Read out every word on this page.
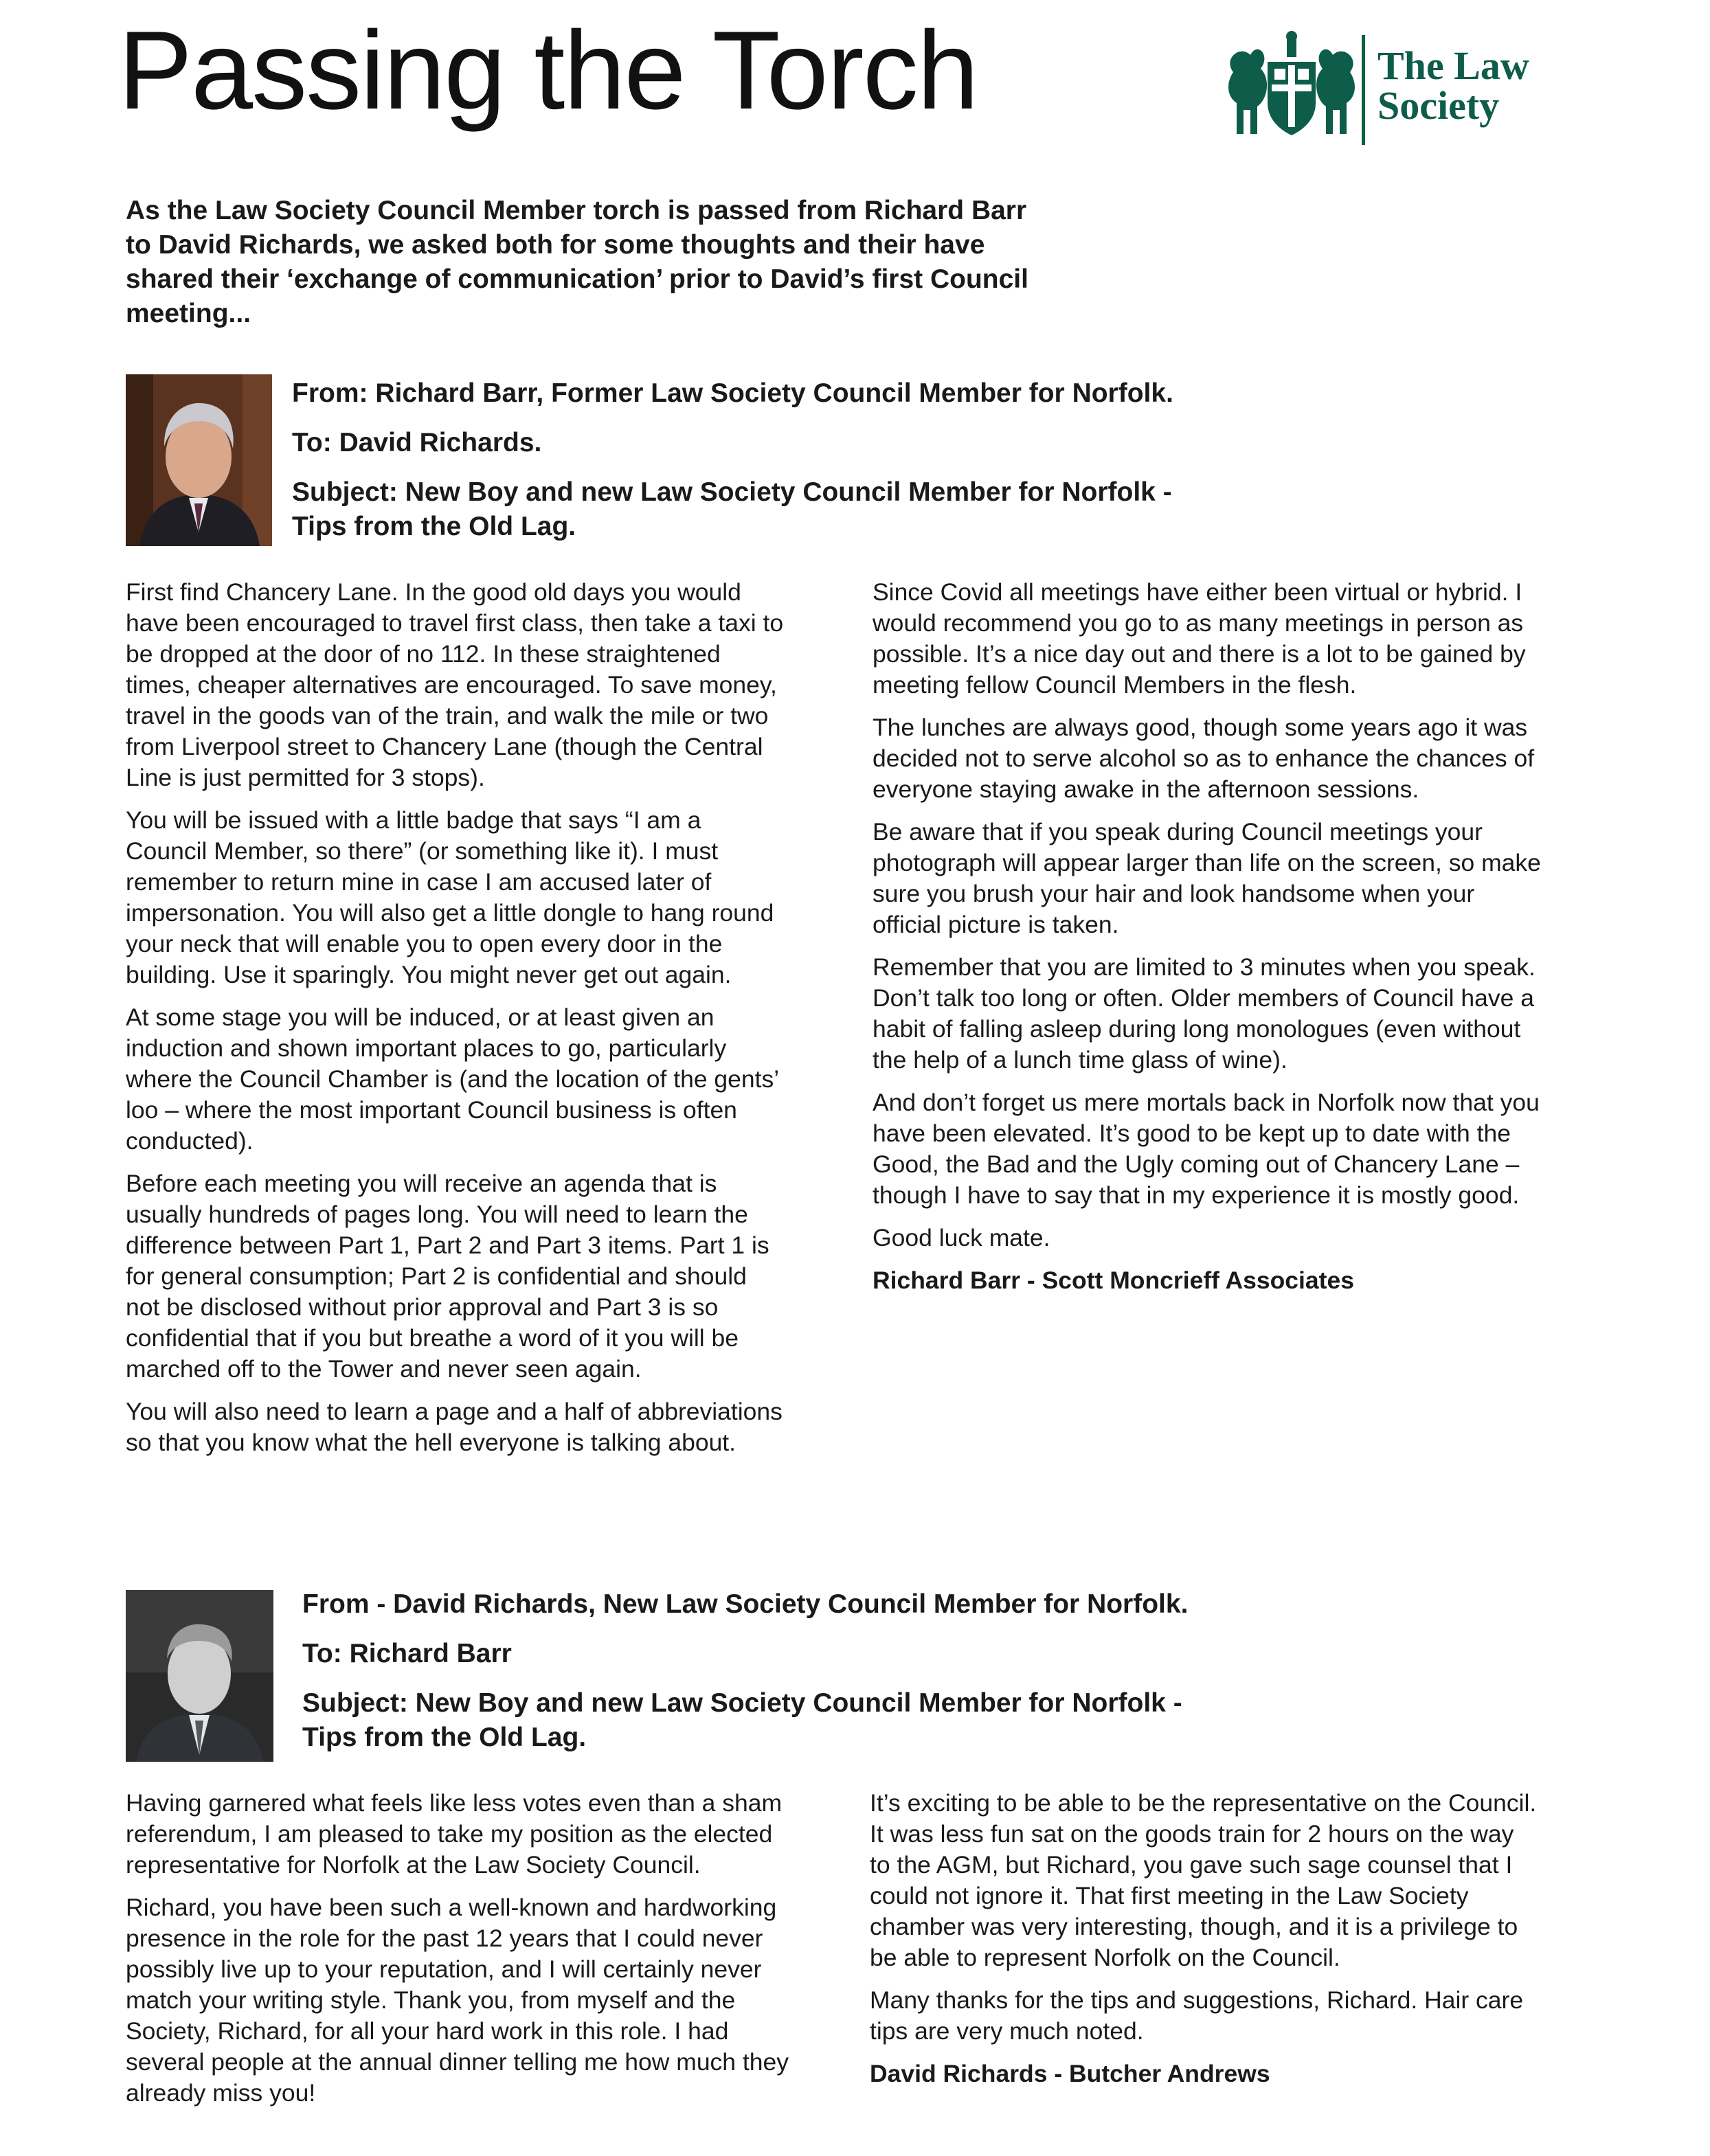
Passing the Torch	The Law
Society

As the Law Society Council Member torch is passed from Richard Barr to David Richards, we asked both for some thoughts and their have shared their ‘exchange of communication’ prior to David’s first Council meeting...

From: Richard Barr, Former Law Society Council Member for Norfolk.

To: David Richards.

Subject: New Boy and new Law Society Council Member for Norfolk -

Tips from the Old Lag.

First find Chancery Lane. In the good old days you would have been encouraged to travel first class, then take a taxi to be dropped at the door of no 112. In these straightened times, cheaper alternatives are encouraged. To save money, travel in the goods van of the train, and walk the mile or two from Liverpool street to Chancery Lane (though the Central Line is just permitted for 3 stops).

You will be issued with a little badge that says “I am a Council Member, so there” (or something like it). I must remember to return mine in case I am accused later of impersonation. You will also get a little dongle to hang round your neck that will enable you to open every door in the building. Use it sparingly. You might never get out again.

At some stage you will be induced, or at least given an induction and shown important places to go, particularly where the Council Chamber is (and the location of the gents’ loo – where the most important Council business is often conducted).

Before each meeting you will receive an agenda that is usually hundreds of pages long. You will need to learn the difference between Part 1, Part 2 and Part 3 items. Part 1 is for general consumption; Part 2 is confidential and should not be disclosed without prior approval and Part 3 is so confidential that if you but breathe a word of it you will be marched off to the Tower and never seen again.

You will also need to learn a page and a half of abbreviations so that you know what the hell everyone is talking about.

Since Covid all meetings have either been virtual or hybrid. I would recommend you go to as many meetings in person as possible. It’s a nice day out and there is a lot to be gained by meeting fellow Council Members in the flesh.

The lunches are always good, though some years ago it was decided not to serve alcohol so as to enhance the chances of everyone staying awake in the afternoon sessions.

Be aware that if you speak during Council meetings your photograph will appear larger than life on the screen, so make sure you brush your hair and look handsome when your official picture is taken.

Remember that you are limited to 3 minutes when you speak. Don’t talk too long or often. Older members of Council have a habit of falling asleep during long monologues (even without the help of a lunch time glass of wine).

And don’t forget us mere mortals back in Norfolk now that you have been elevated. It’s good to be kept up to date with the Good, the Bad and the Ugly coming out of Chancery Lane – though I have to say that in my experience it is mostly good.

Good luck mate.

Richard Barr - Scott Moncrieff Associates

From - David Richards, New Law Society Council Member for Norfolk.

To: Richard Barr

Subject: New Boy and new Law Society Council Member for Norfolk -

Tips from the Old Lag.

Having garnered what feels like less votes even than a sham referendum, I am pleased to take my position as the elected representative for Norfolk at the Law Society Council.

Richard, you have been such a well-known and hardworking presence in the role for the past 12 years that I could never possibly live up to your reputation, and I will certainly never match your writing style. Thank you, from myself and the Society, Richard, for all your hard work in this role. I had several people at the annual dinner telling me how much they already miss you!

It’s exciting to be able to be the representative on the Council. It was less fun sat on the goods train for 2 hours on the way to the AGM, but Richard, you gave such sage counsel that I could not ignore it. That first meeting in the Law Society chamber was very interesting, though, and it is a privilege to be able to represent Norfolk on the Council.

Many thanks for the tips and suggestions, Richard. Hair care tips are very much noted.

David Richards - Butcher Andrews
